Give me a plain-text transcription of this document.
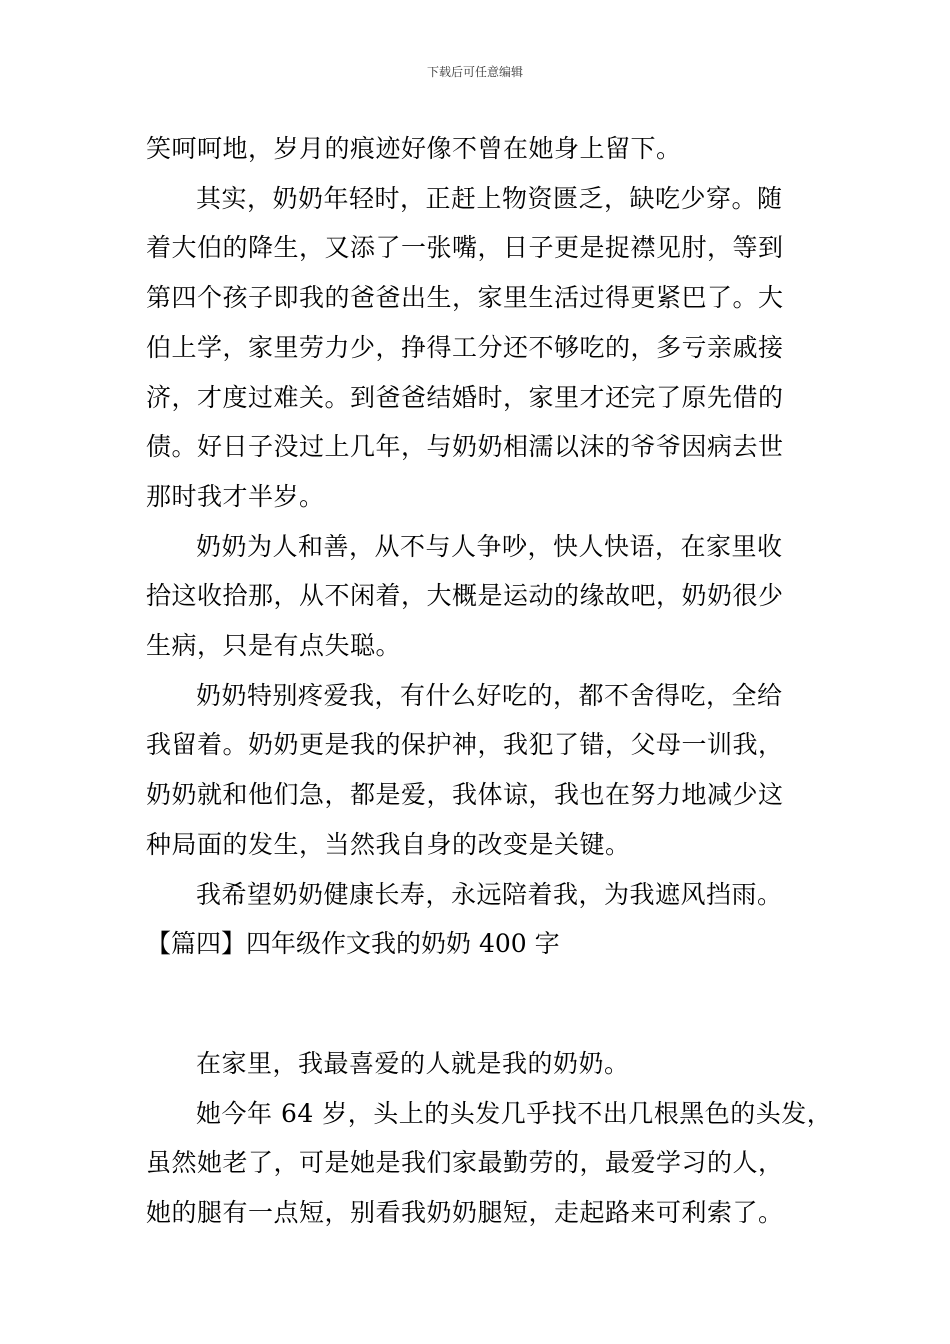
下载后可任意编辑
笑呵呵地，岁月的痕迹好像不曾在她身上留下。
其实，奶奶年轻时，正赶上物资匮乏，缺吃少穿。随
着大伯的降生，又添了一张嘴，日子更是捉襟见肘，等到
第四个孩子即我的爸爸出生，家里生活过得更紧巴了。大
伯上学，家里劳力少，挣得工分还不够吃的，多亏亲戚接
济，才度过难关。到爸爸结婚时，家里才还完了原先借的
债。好日子没过上几年，与奶奶相濡以沫的爷爷因病去世
那时我才半岁。
奶奶为人和善，从不与人争吵，快人快语，在家里收
拾这收拾那，从不闲着，大概是运动的缘故吧，奶奶很少
生病，只是有点失聪。
奶奶特别疼爱我，有什么好吃的，都不舍得吃，全给
我留着。奶奶更是我的保护神，我犯了错，父母一训我，
奶奶就和他们急，都是爱，我体谅，我也在努力地减少这
种局面的发生，当然我自身的改变是关键。
我希望奶奶健康长寿，永远陪着我，为我遮风挡雨。
【篇四】四年级作文我的奶奶 400 字
在家里，我最喜爱的人就是我的奶奶。
她今年 64 岁，头上的头发几乎找不出几根黑色的头发，
虽然她老了，可是她是我们家最勤劳的，最爱学习的人，
她的腿有一点短，别看我奶奶腿短，走起路来可利索了。
